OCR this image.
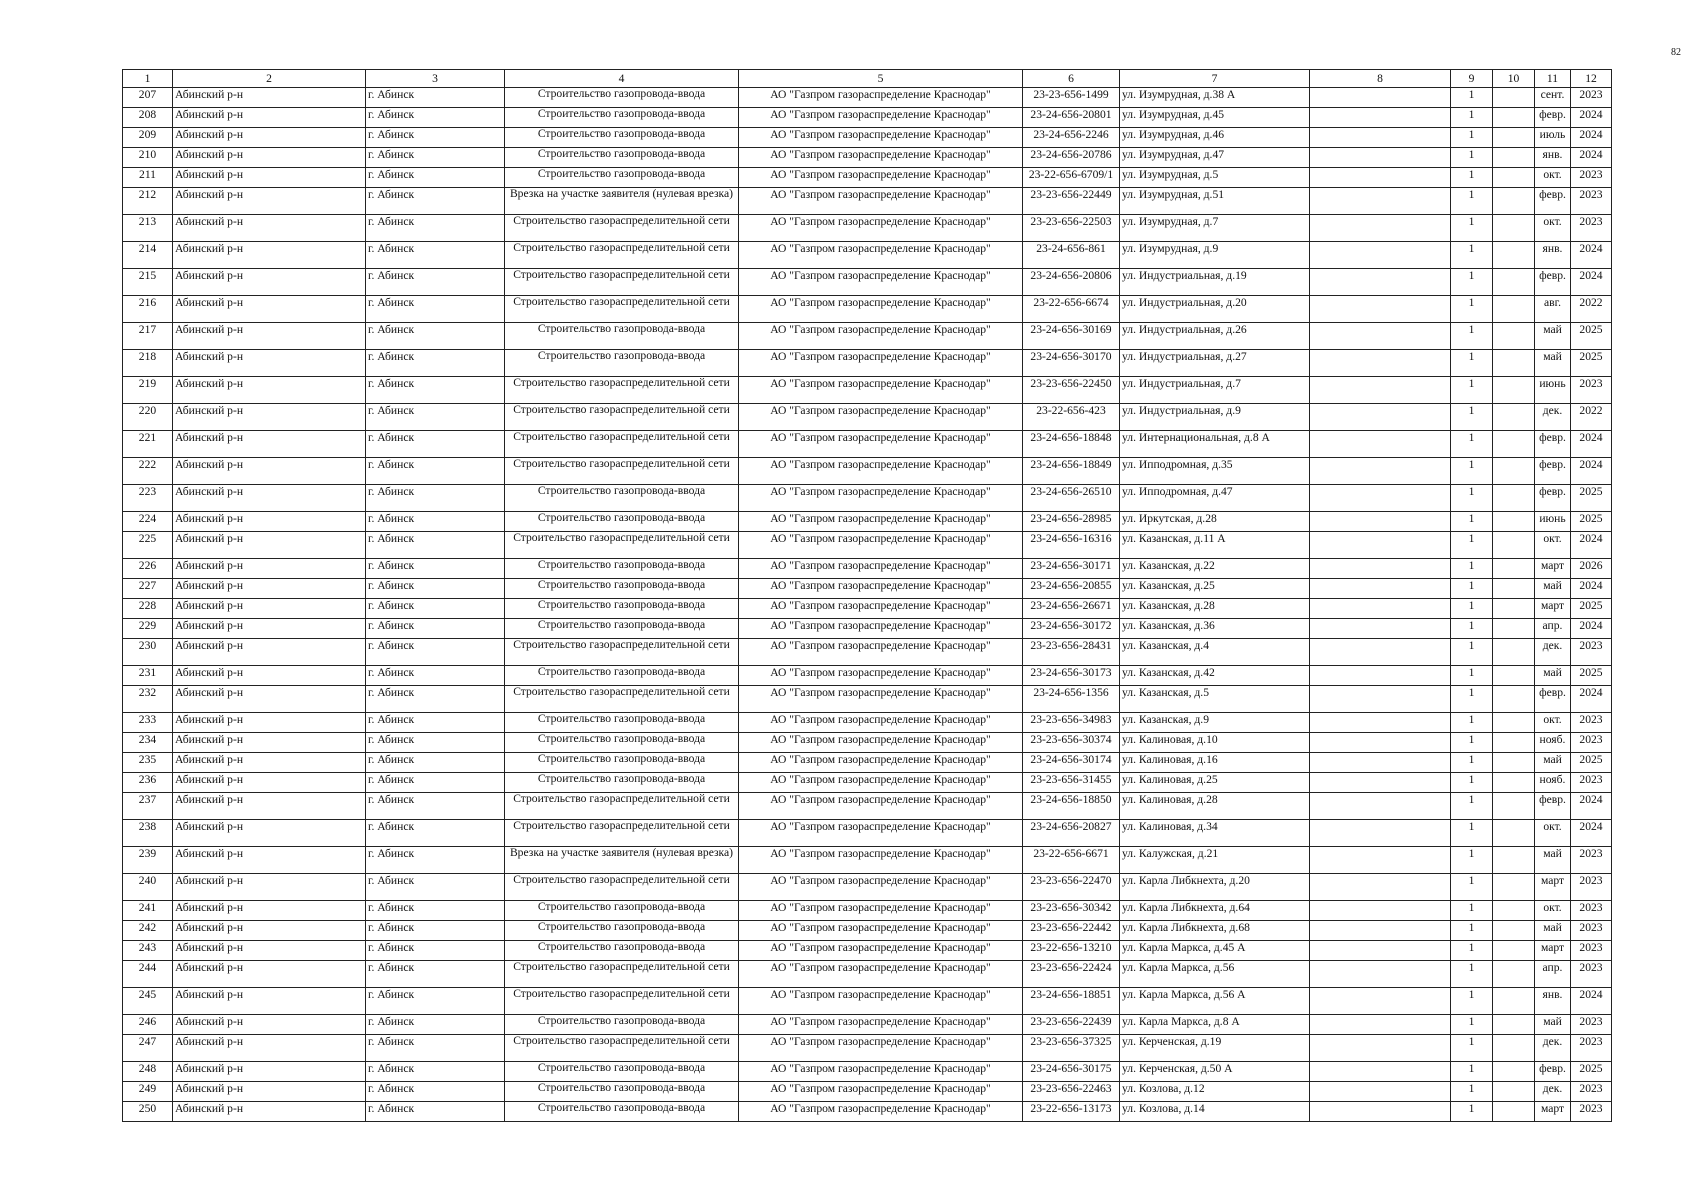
82
1	2	3	4	5	6	7	8	9	10	11	12
207	Абинский р-н	г. Абинск	Строительство газопровода-ввода	АО "Газпром газораспределение Краснодар"	23-23-656-1499	ул. Изумрудная, д.38 А		1		сент.	2023
208	Абинский р-н	г. Абинск	Строительство газопровода-ввода	АО "Газпром газораспределение Краснодар"	23-24-656-20801	ул. Изумрудная, д.45		1		февр.	2024
209	Абинский р-н	г. Абинск	Строительство газопровода-ввода	АО "Газпром газораспределение Краснодар"	23-24-656-2246	ул. Изумрудная, д.46		1		июль	2024
210	Абинский р-н	г. Абинск	Строительство газопровода-ввода	АО "Газпром газораспределение Краснодар"	23-24-656-20786	ул. Изумрудная, д.47		1		янв.	2024
211	Абинский р-н	г. Абинск	Строительство газопровода-ввода	АО "Газпром газораспределение Краснодар"	23-22-656-6709/1	ул. Изумрудная, д.5		1		окт.	2023
212	Абинский р-н	г. Абинск	Врезка на участке заявителя (нулевая врезка)	АО "Газпром газораспределение Краснодар"	23-23-656-22449	ул. Изумрудная, д.51		1		февр.	2023
213	Абинский р-н	г. Абинск	Строительство газораспределительной сети	АО "Газпром газораспределение Краснодар"	23-23-656-22503	ул. Изумрудная, д.7		1		окт.	2023
214	Абинский р-н	г. Абинск	Строительство газораспределительной сети	АО "Газпром газораспределение Краснодар"	23-24-656-861	ул. Изумрудная, д.9		1		янв.	2024
215	Абинский р-н	г. Абинск	Строительство газораспределительной сети	АО "Газпром газораспределение Краснодар"	23-24-656-20806	ул. Индустриальная, д.19		1		февр.	2024
216	Абинский р-н	г. Абинск	Строительство газораспределительной сети	АО "Газпром газораспределение Краснодар"	23-22-656-6674	ул. Индустриальная, д.20		1		авг.	2022
217	Абинский р-н	г. Абинск	Строительство газопровода-ввода	АО "Газпром газораспределение Краснодар"	23-24-656-30169	ул. Индустриальная, д.26		1		май	2025
218	Абинский р-н	г. Абинск	Строительство газопровода-ввода	АО "Газпром газораспределение Краснодар"	23-24-656-30170	ул. Индустриальная, д.27		1		май	2025
219	Абинский р-н	г. Абинск	Строительство газораспределительной сети	АО "Газпром газораспределение Краснодар"	23-23-656-22450	ул. Индустриальная, д.7		1		июнь	2023
220	Абинский р-н	г. Абинск	Строительство газораспределительной сети	АО "Газпром газораспределение Краснодар"	23-22-656-423	ул. Индустриальная, д.9		1		дек.	2022
221	Абинский р-н	г. Абинск	Строительство газораспределительной сети	АО "Газпром газораспределение Краснодар"	23-24-656-18848	ул. Интернациональная, д.8 А		1		февр.	2024
222	Абинский р-н	г. Абинск	Строительство газораспределительной сети	АО "Газпром газораспределение Краснодар"	23-24-656-18849	ул. Ипподромная, д.35		1		февр.	2024
223	Абинский р-н	г. Абинск	Строительство газопровода-ввода	АО "Газпром газораспределение Краснодар"	23-24-656-26510	ул. Ипподромная, д.47		1		февр.	2025
224	Абинский р-н	г. Абинск	Строительство газопровода-ввода	АО "Газпром газораспределение Краснодар"	23-24-656-28985	ул. Иркутская, д.28		1		июнь	2025
225	Абинский р-н	г. Абинск	Строительство газораспределительной сети	АО "Газпром газораспределение Краснодар"	23-24-656-16316	ул. Казанская, д.11 А		1		окт.	2024
226	Абинский р-н	г. Абинск	Строительство газопровода-ввода	АО "Газпром газораспределение Краснодар"	23-24-656-30171	ул. Казанская, д.22		1		март	2026
227	Абинский р-н	г. Абинск	Строительство газопровода-ввода	АО "Газпром газораспределение Краснодар"	23-24-656-20855	ул. Казанская, д.25		1		май	2024
228	Абинский р-н	г. Абинск	Строительство газопровода-ввода	АО "Газпром газораспределение Краснодар"	23-24-656-26671	ул. Казанская, д.28		1		март	2025
229	Абинский р-н	г. Абинск	Строительство газопровода-ввода	АО "Газпром газораспределение Краснодар"	23-24-656-30172	ул. Казанская, д.36		1		апр.	2024
230	Абинский р-н	г. Абинск	Строительство газораспределительной сети	АО "Газпром газораспределение Краснодар"	23-23-656-28431	ул. Казанская, д.4		1		дек.	2023
231	Абинский р-н	г. Абинск	Строительство газопровода-ввода	АО "Газпром газораспределение Краснодар"	23-24-656-30173	ул. Казанская, д.42		1		май	2025
232	Абинский р-н	г. Абинск	Строительство газораспределительной сети	АО "Газпром газораспределение Краснодар"	23-24-656-1356	ул. Казанская, д.5		1		февр.	2024
233	Абинский р-н	г. Абинск	Строительство газопровода-ввода	АО "Газпром газораспределение Краснодар"	23-23-656-34983	ул. Казанская, д.9		1		окт.	2023
234	Абинский р-н	г. Абинск	Строительство газопровода-ввода	АО "Газпром газораспределение Краснодар"	23-23-656-30374	ул. Калиновая, д.10		1		нояб.	2023
235	Абинский р-н	г. Абинск	Строительство газопровода-ввода	АО "Газпром газораспределение Краснодар"	23-24-656-30174	ул. Калиновая, д.16		1		май	2025
236	Абинский р-н	г. Абинск	Строительство газопровода-ввода	АО "Газпром газораспределение Краснодар"	23-23-656-31455	ул. Калиновая, д.25		1		нояб.	2023
237	Абинский р-н	г. Абинск	Строительство газораспределительной сети	АО "Газпром газораспределение Краснодар"	23-24-656-18850	ул. Калиновая, д.28		1		февр.	2024
238	Абинский р-н	г. Абинск	Строительство газораспределительной сети	АО "Газпром газораспределение Краснодар"	23-24-656-20827	ул. Калиновая, д.34		1		окт.	2024
239	Абинский р-н	г. Абинск	Врезка на участке заявителя (нулевая врезка)	АО "Газпром газораспределение Краснодар"	23-22-656-6671	ул. Калужская, д.21		1		май	2023
240	Абинский р-н	г. Абинск	Строительство газораспределительной сети	АО "Газпром газораспределение Краснодар"	23-23-656-22470	ул. Карла Либкнехта, д.20		1		март	2023
241	Абинский р-н	г. Абинск	Строительство газопровода-ввода	АО "Газпром газораспределение Краснодар"	23-23-656-30342	ул. Карла Либкнехта, д.64		1		окт.	2023
242	Абинский р-н	г. Абинск	Строительство газопровода-ввода	АО "Газпром газораспределение Краснодар"	23-23-656-22442	ул. Карла Либкнехта, д.68		1		май	2023
243	Абинский р-н	г. Абинск	Строительство газопровода-ввода	АО "Газпром газораспределение Краснодар"	23-22-656-13210	ул. Карла Маркса, д.45 А		1		март	2023
244	Абинский р-н	г. Абинск	Строительство газораспределительной сети	АО "Газпром газораспределение Краснодар"	23-23-656-22424	ул. Карла Маркса, д.56		1		апр.	2023
245	Абинский р-н	г. Абинск	Строительство газораспределительной сети	АО "Газпром газораспределение Краснодар"	23-24-656-18851	ул. Карла Маркса, д.56 А		1		янв.	2024
246	Абинский р-н	г. Абинск	Строительство газопровода-ввода	АО "Газпром газораспределение Краснодар"	23-23-656-22439	ул. Карла Маркса, д.8 А		1		май	2023
247	Абинский р-н	г. Абинск	Строительство газораспределительной сети	АО "Газпром газораспределение Краснодар"	23-23-656-37325	ул. Керченская, д.19		1		дек.	2023
248	Абинский р-н	г. Абинск	Строительство газопровода-ввода	АО "Газпром газораспределение Краснодар"	23-24-656-30175	ул. Керченская, д.50 А		1		февр.	2025
249	Абинский р-н	г. Абинск	Строительство газопровода-ввода	АО "Газпром газораспределение Краснодар"	23-23-656-22463	ул. Козлова, д.12		1		дек.	2023
250	Абинский р-н	г. Абинск	Строительство газопровода-ввода	АО "Газпром газораспределение Краснодар"	23-22-656-13173	ул. Козлова, д.14		1		март	2023
